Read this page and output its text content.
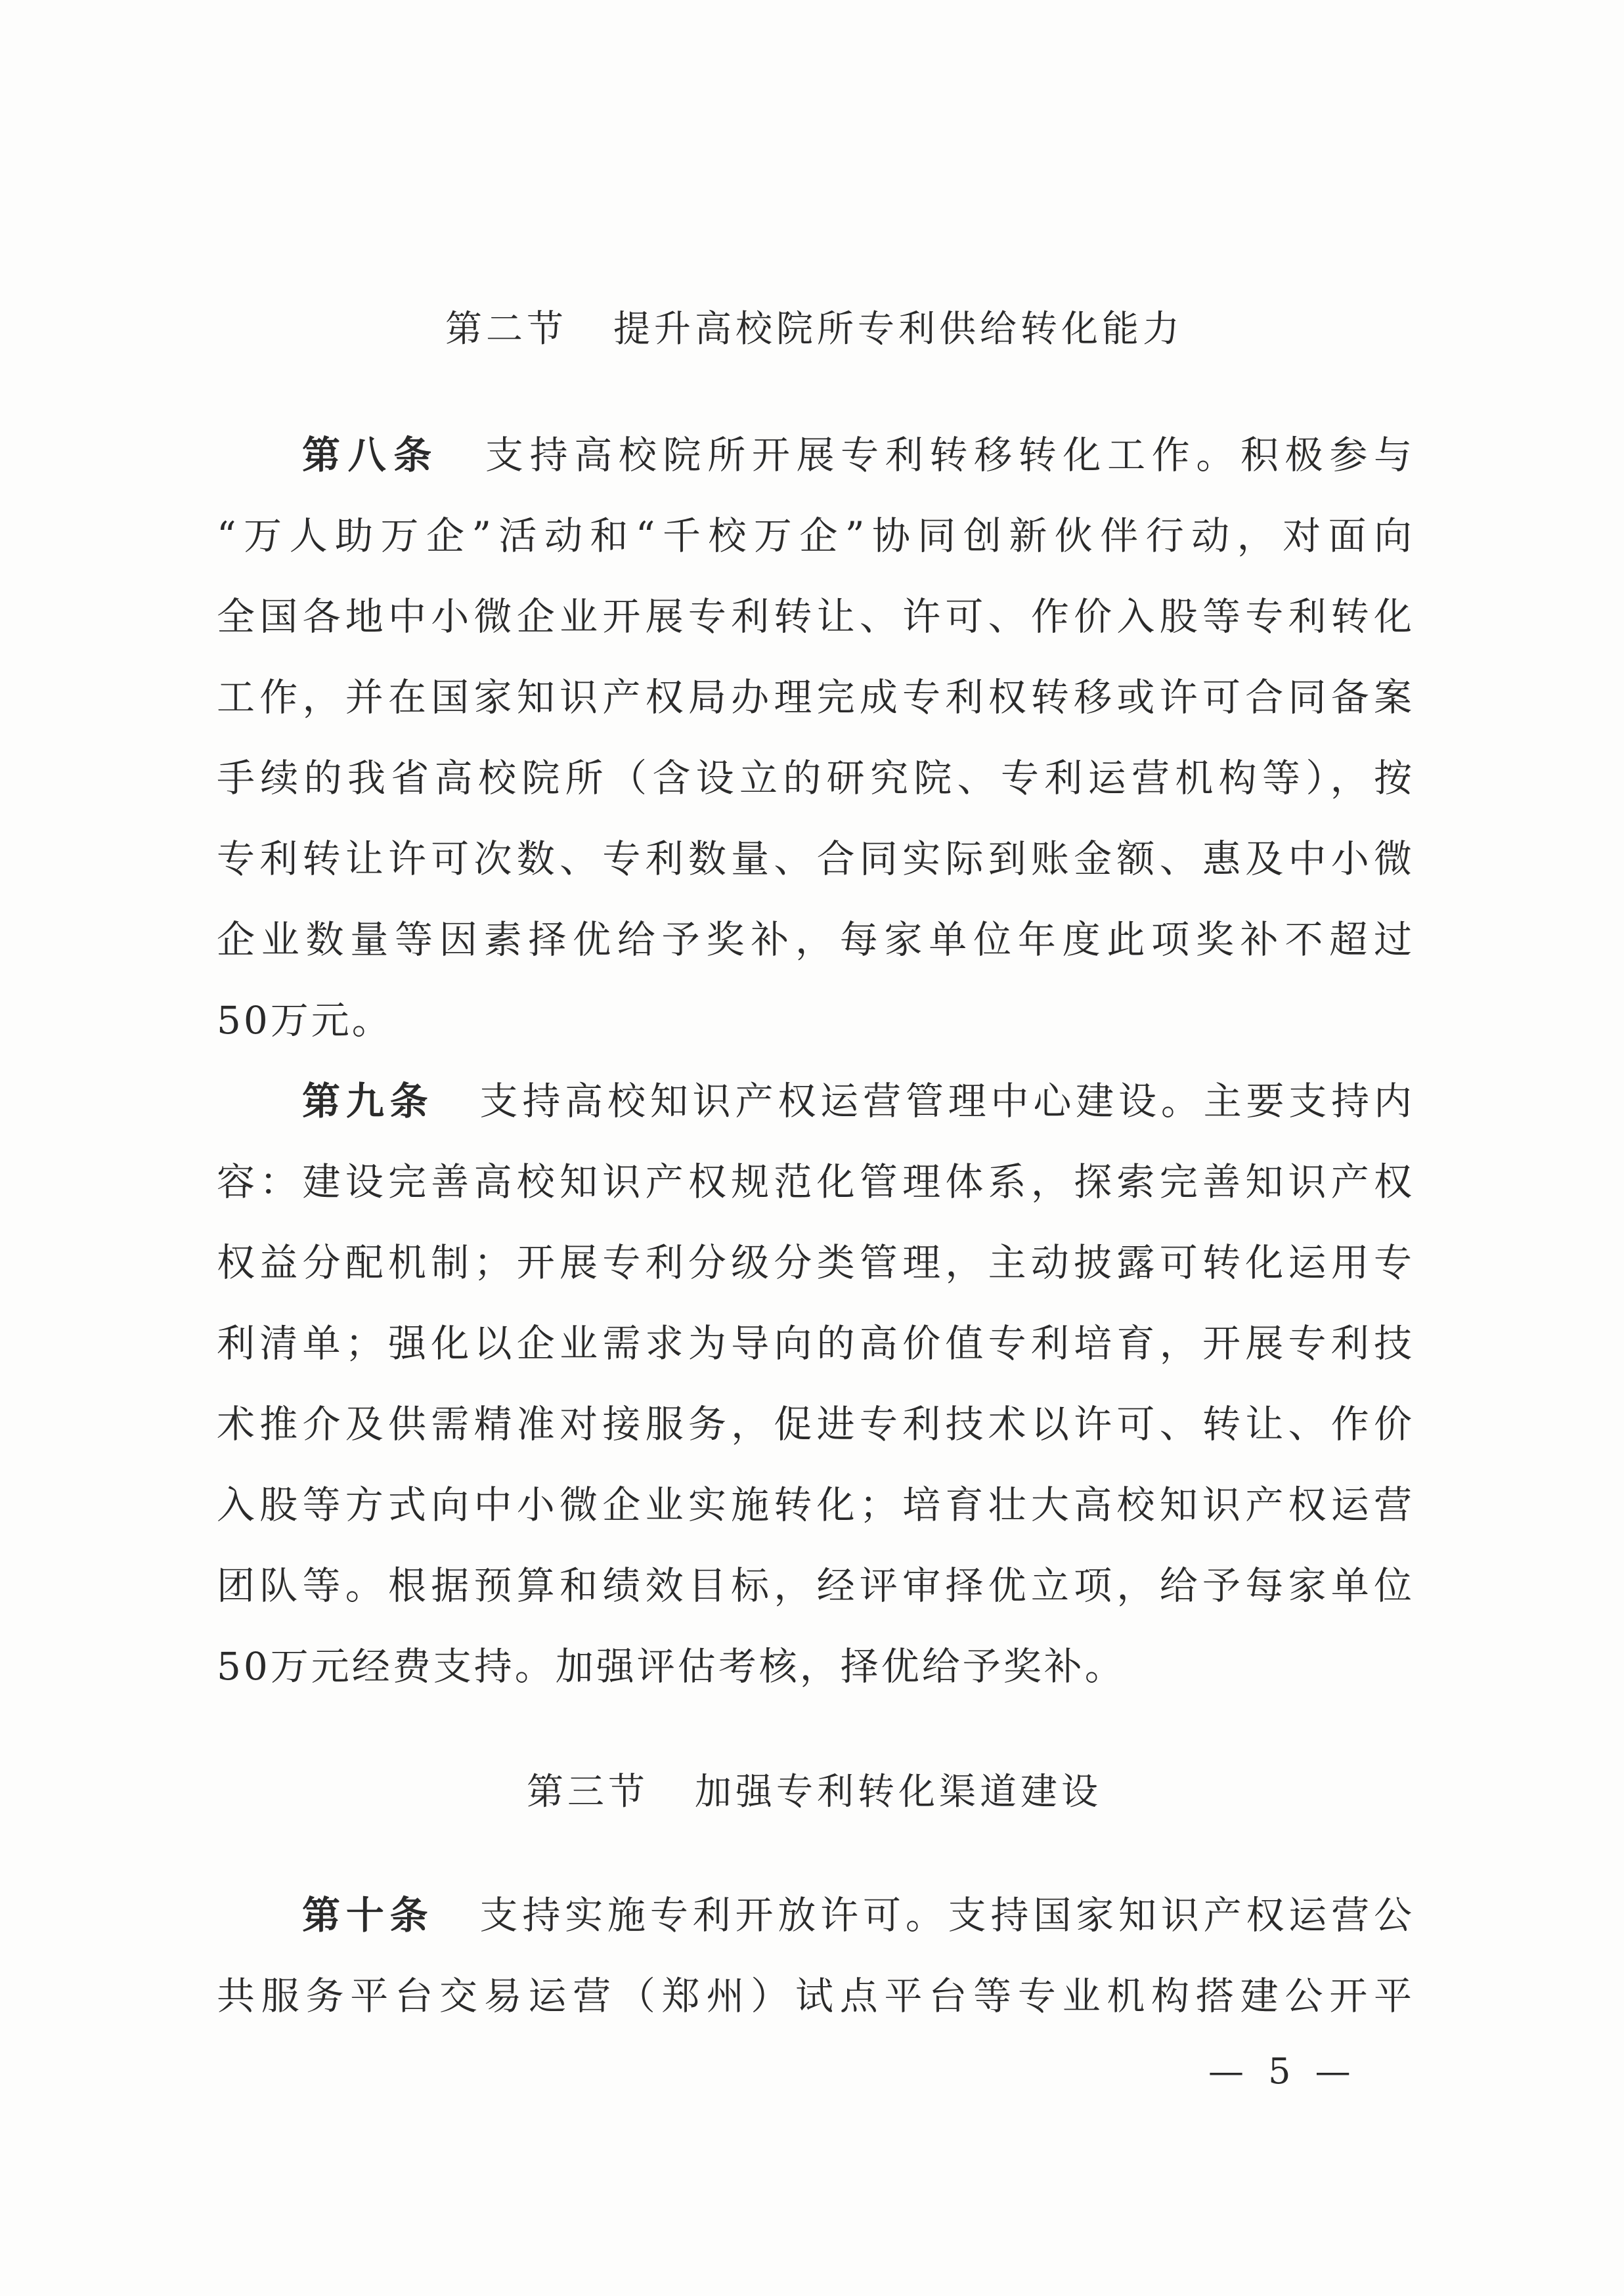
第二节 提升高校院所专利供给转化能力
第八条 支持高校院所开展专利转移转化工作。积极参与
“万人助万企”活动和“千校万企”协同创新伙伴行动，对面向
全国各地中小微企业开展专利转让、许可、作价入股等专利转化
工作，并在国家知识产权局办理完成专利权转移或许可合同备案
手续的我省高校院所（含设立的研究院、专利运营机构等），按
专利转让许可次数、专利数量、合同实际到账金额、惠及中小微
企业数量等因素择优给予奖补，每家单位年度此项奖补不超过
50万元。
第九条 支持高校知识产权运营管理中心建设。主要支持内
容：建设完善高校知识产权规范化管理体系，探索完善知识产权
权益分配机制；开展专利分级分类管理，主动披露可转化运用专
利清单；强化以企业需求为导向的高价值专利培育，开展专利技
术推介及供需精准对接服务，促进专利技术以许可、转让、作价
入股等方式向中小微企业实施转化；培育壮大高校知识产权运营
团队等。根据预算和绩效目标，经评审择优立项，给予每家单位
50万元经费支持。加强评估考核，择优给予奖补。
第三节 加强专利转化渠道建设
第十条 支持实施专利开放许可。支持国家知识产权运营公
共服务平台交易运营（郑州）试点平台等专业机构搭建公开平
— 5 —
